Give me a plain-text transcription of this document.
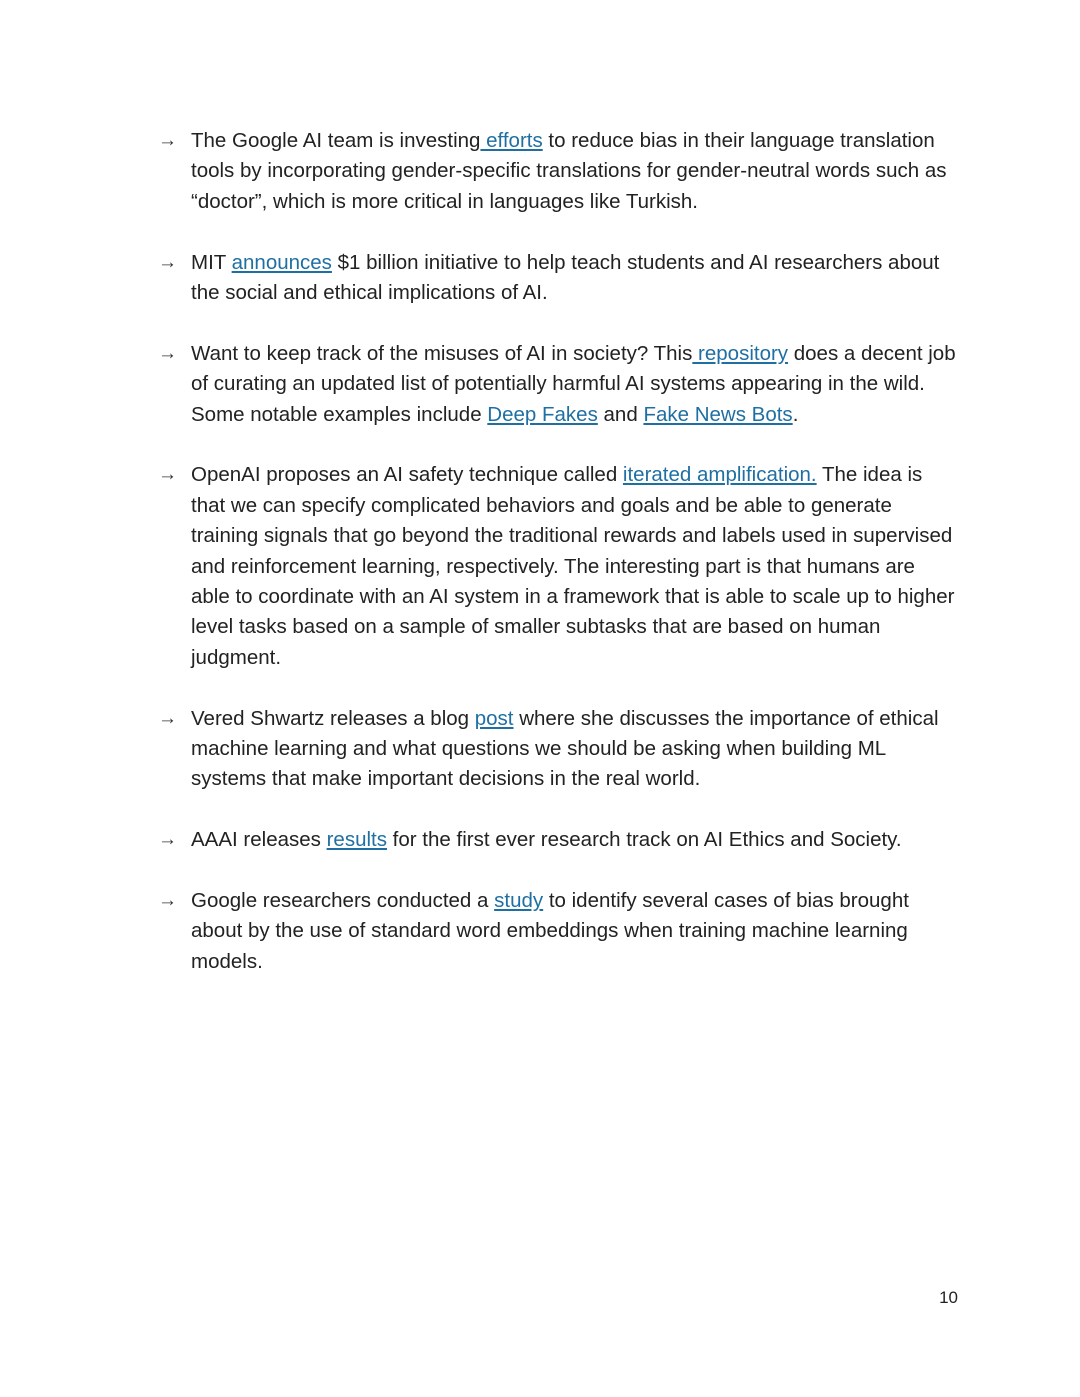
→ The Google AI team is investing efforts to reduce bias in their language translation tools by incorporating gender-specific translations for gender-neutral words such as “doctor”, which is more critical in languages like Turkish.
→ MIT announces $1 billion initiative to help teach students and AI researchers about the social and ethical implications of AI.
→ Want to keep track of the misuses of AI in society? This repository does a decent job of curating an updated list of potentially harmful AI systems appearing in the wild. Some notable examples include Deep Fakes and Fake News Bots.
→ OpenAI proposes an AI safety technique called iterated amplification. The idea is that we can specify complicated behaviors and goals and be able to generate training signals that go beyond the traditional rewards and labels used in supervised and reinforcement learning, respectively. The interesting part is that humans are able to coordinate with an AI system in a framework that is able to scale up to higher level tasks based on a sample of smaller subtasks that are based on human judgment.
→ Vered Shwartz releases a blog post where she discusses the importance of ethical machine learning and what questions we should be asking when building ML systems that make important decisions in the real world.
→ AAAI releases results for the first ever research track on AI Ethics and Society.
→ Google researchers conducted a study to identify several cases of bias brought about by the use of standard word embeddings when training machine learning models.
10
